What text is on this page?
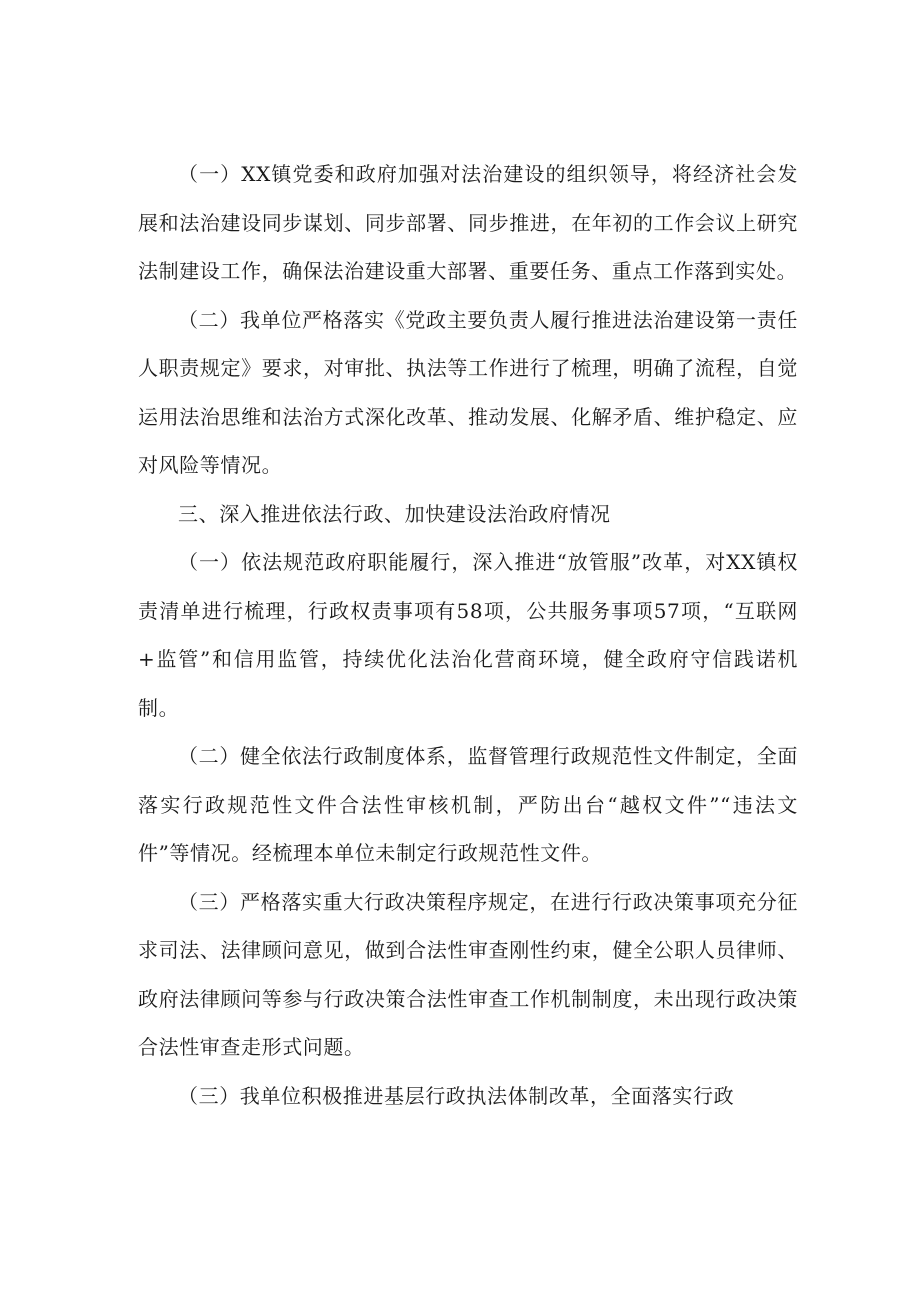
（一）XX镇党委和政府加强对法治建设的组织领导，将经济社会发展和法治建设同步谋划、同步部署、同步推进，在年初的工作会议上研究法制建设工作，确保法治建设重大部署、重要任务、重点工作落到实处。

（二）我单位严格落实《党政主要负责人履行推进法治建设第一责任人职责规定》要求，对审批、执法等工作进行了梳理，明确了流程，自觉运用法治思维和法治方式深化改革、推动发展、化解矛盾、维护稳定、应对风险等情况。

三、深入推进依法行政、加快建设法治政府情况

（一）依法规范政府职能履行，深入推进“放管服”改革，对XX镇权责清单进行梳理，行政权责事项有58项，公共服务事项57项，“互联网+监管”和信用监管，持续优化法治化营商环境，健全政府守信践诺机制。

（二）健全依法行政制度体系，监督管理行政规范性文件制定，全面落实行政规范性文件合法性审核机制，严防出台“越权文件”“违法文件”等情况。经梳理本单位未制定行政规范性文件。

（三）严格落实重大行政决策程序规定，在进行行政决策事项充分征求司法、法律顾问意见，做到合法性审查刚性约束，健全公职人员律师、政府法律顾问等参与行政决策合法性审查工作机制制度，未出现行政决策合法性审查走形式问题。

（三）我单位积极推进基层行政执法体制改革，全面落实行政
